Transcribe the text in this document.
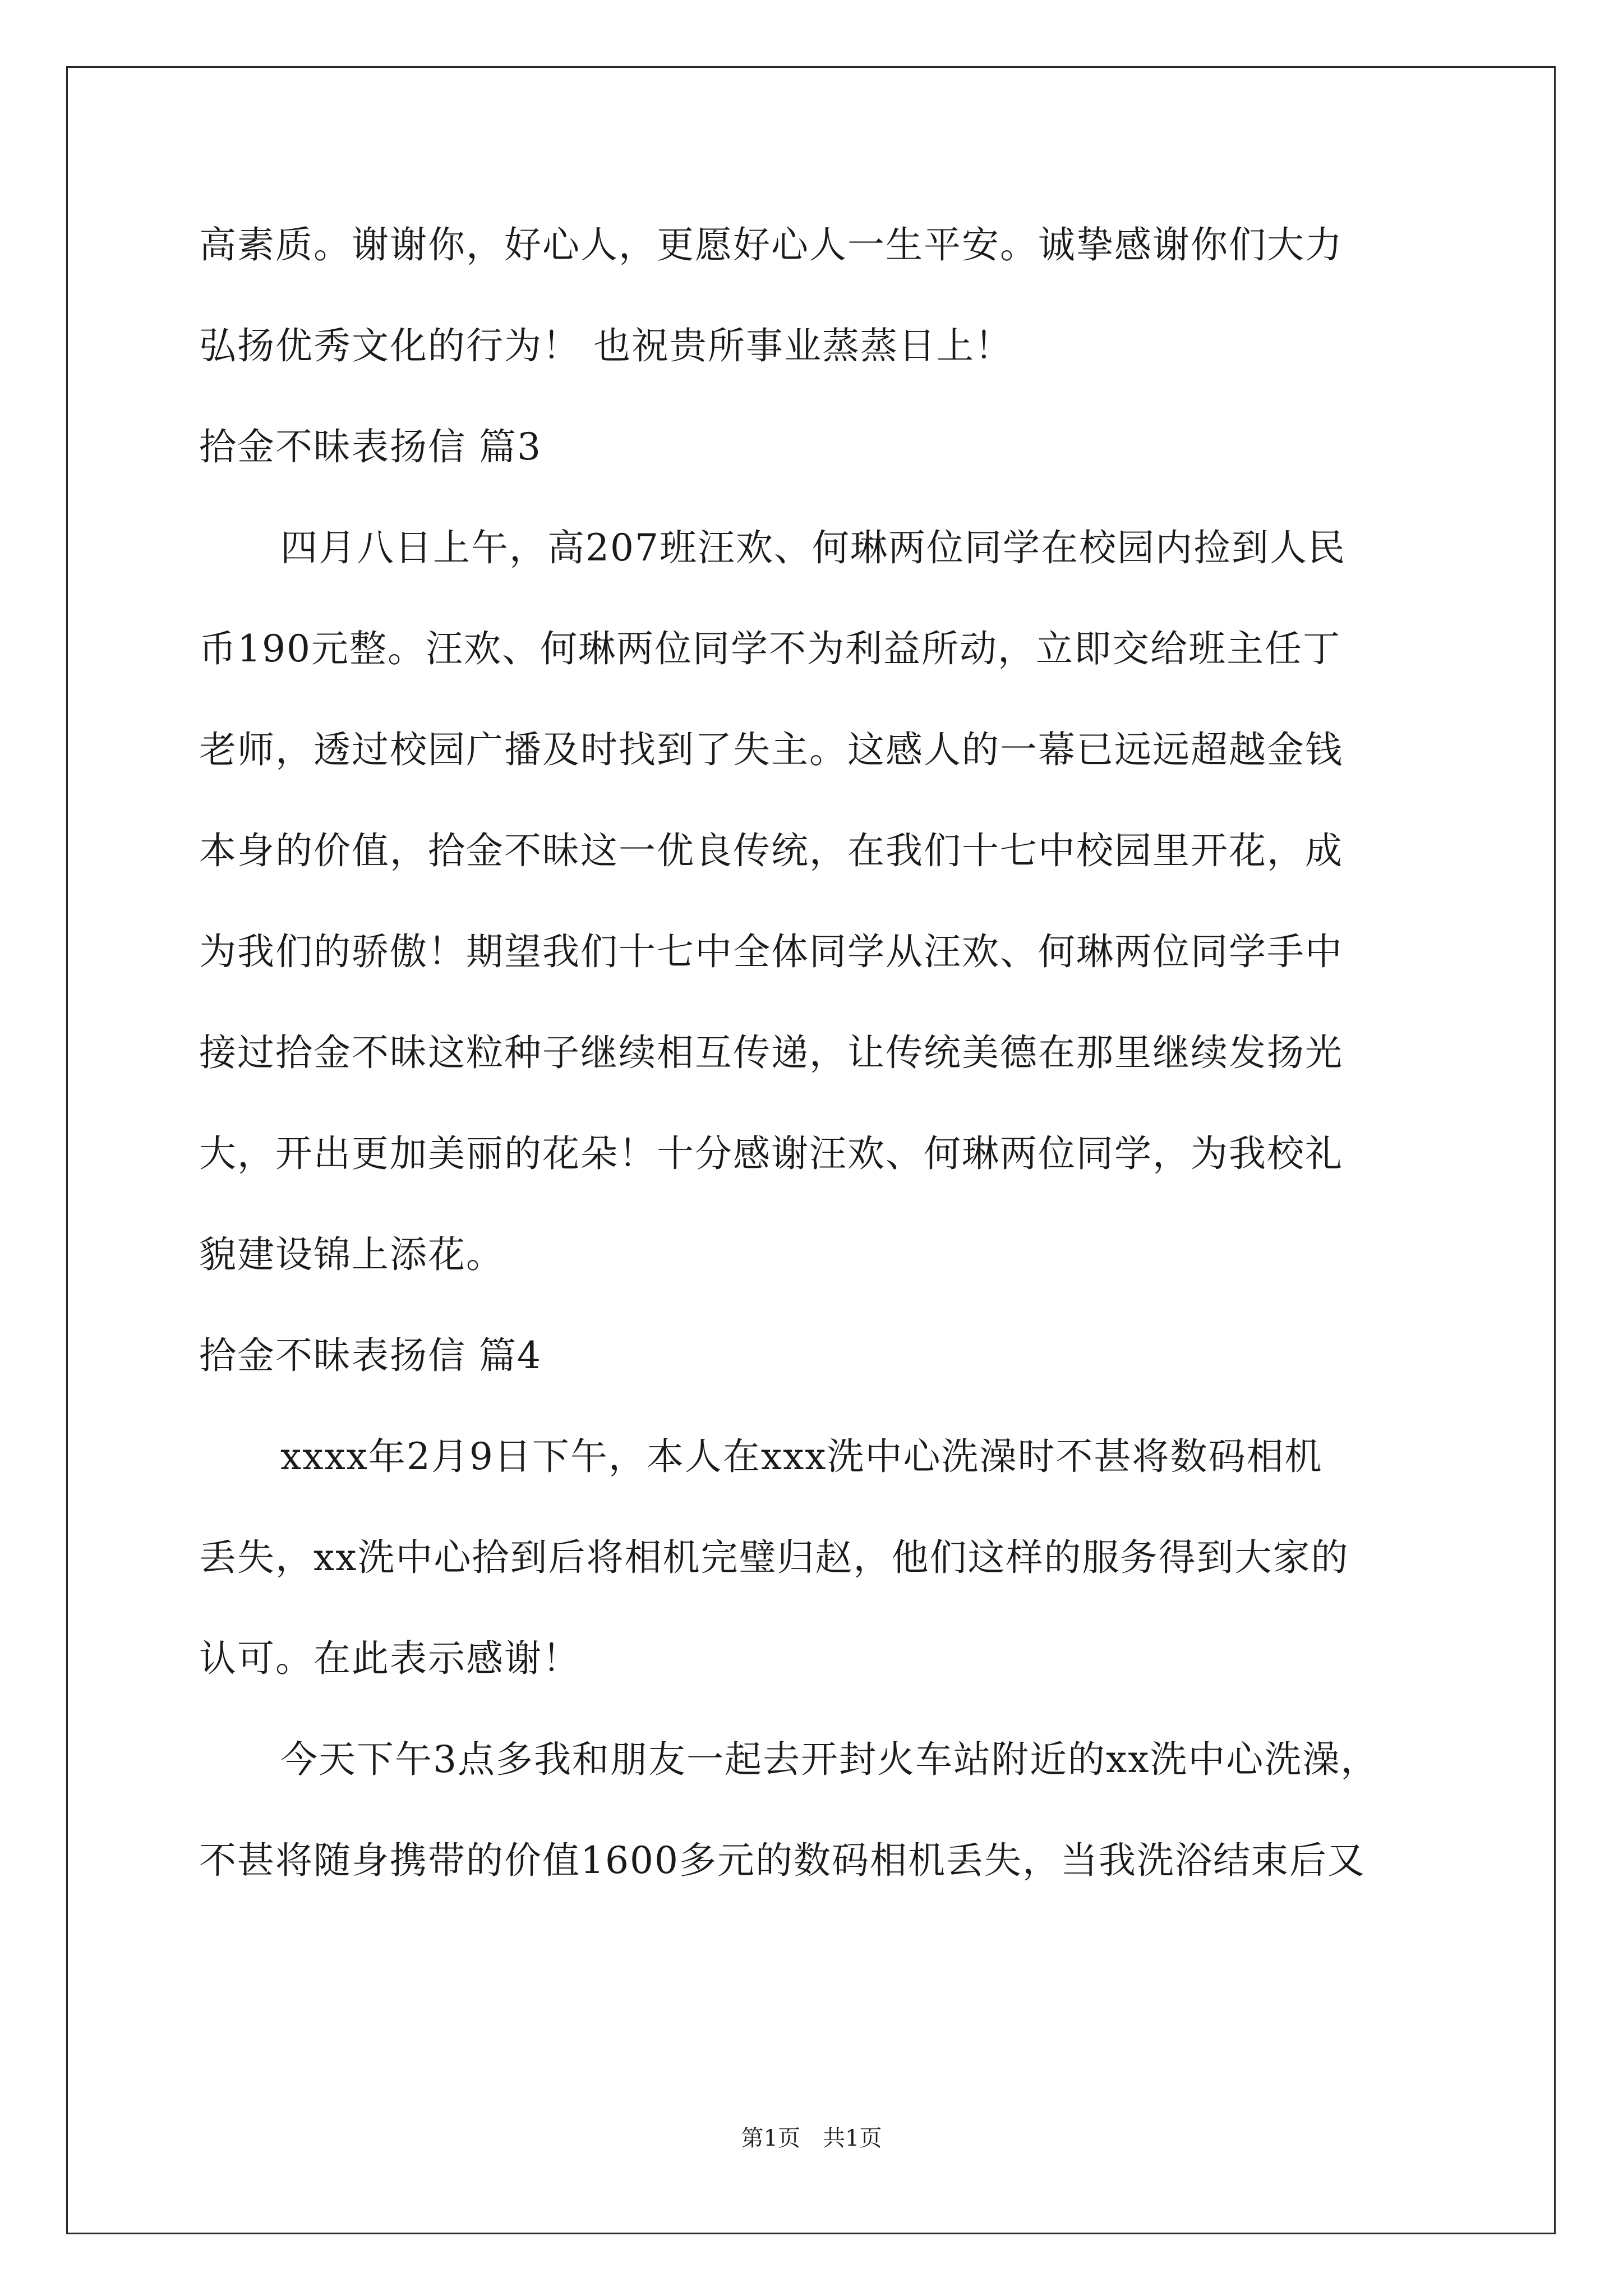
高素质。谢谢你，好心人，更愿好心人一生平安。诚挚感谢你们大力
弘扬优秀文化的行为！ 也祝贵所事业蒸蒸日上！
拾金不昧表扬信 篇3
四月八日上午，高207班汪欢、何琳两位同学在校园内捡到人民
币190元整。汪欢、何琳两位同学不为利益所动，立即交给班主任丁
老师，透过校园广播及时找到了失主。这感人的一幕已远远超越金钱
本身的价值，拾金不昧这一优良传统，在我们十七中校园里开花，成
为我们的骄傲！期望我们十七中全体同学从汪欢、何琳两位同学手中
接过拾金不昧这粒种子继续相互传递，让传统美德在那里继续发扬光
大，开出更加美丽的花朵！十分感谢汪欢、何琳两位同学，为我校礼
貌建设锦上添花。
拾金不昧表扬信 篇4
xxxx年2月9日下午，本人在xxx洗中心洗澡时不甚将数码相机
丢失，xx洗中心拾到后将相机完璧归赵，他们这样的服务得到大家的
认可。在此表示感谢！
今天下午3点多我和朋友一起去开封火车站附近的xx洗中心洗澡，
不甚将随身携带的价值1600多元的数码相机丢失，当我洗浴结束后又
第1页　共1页
